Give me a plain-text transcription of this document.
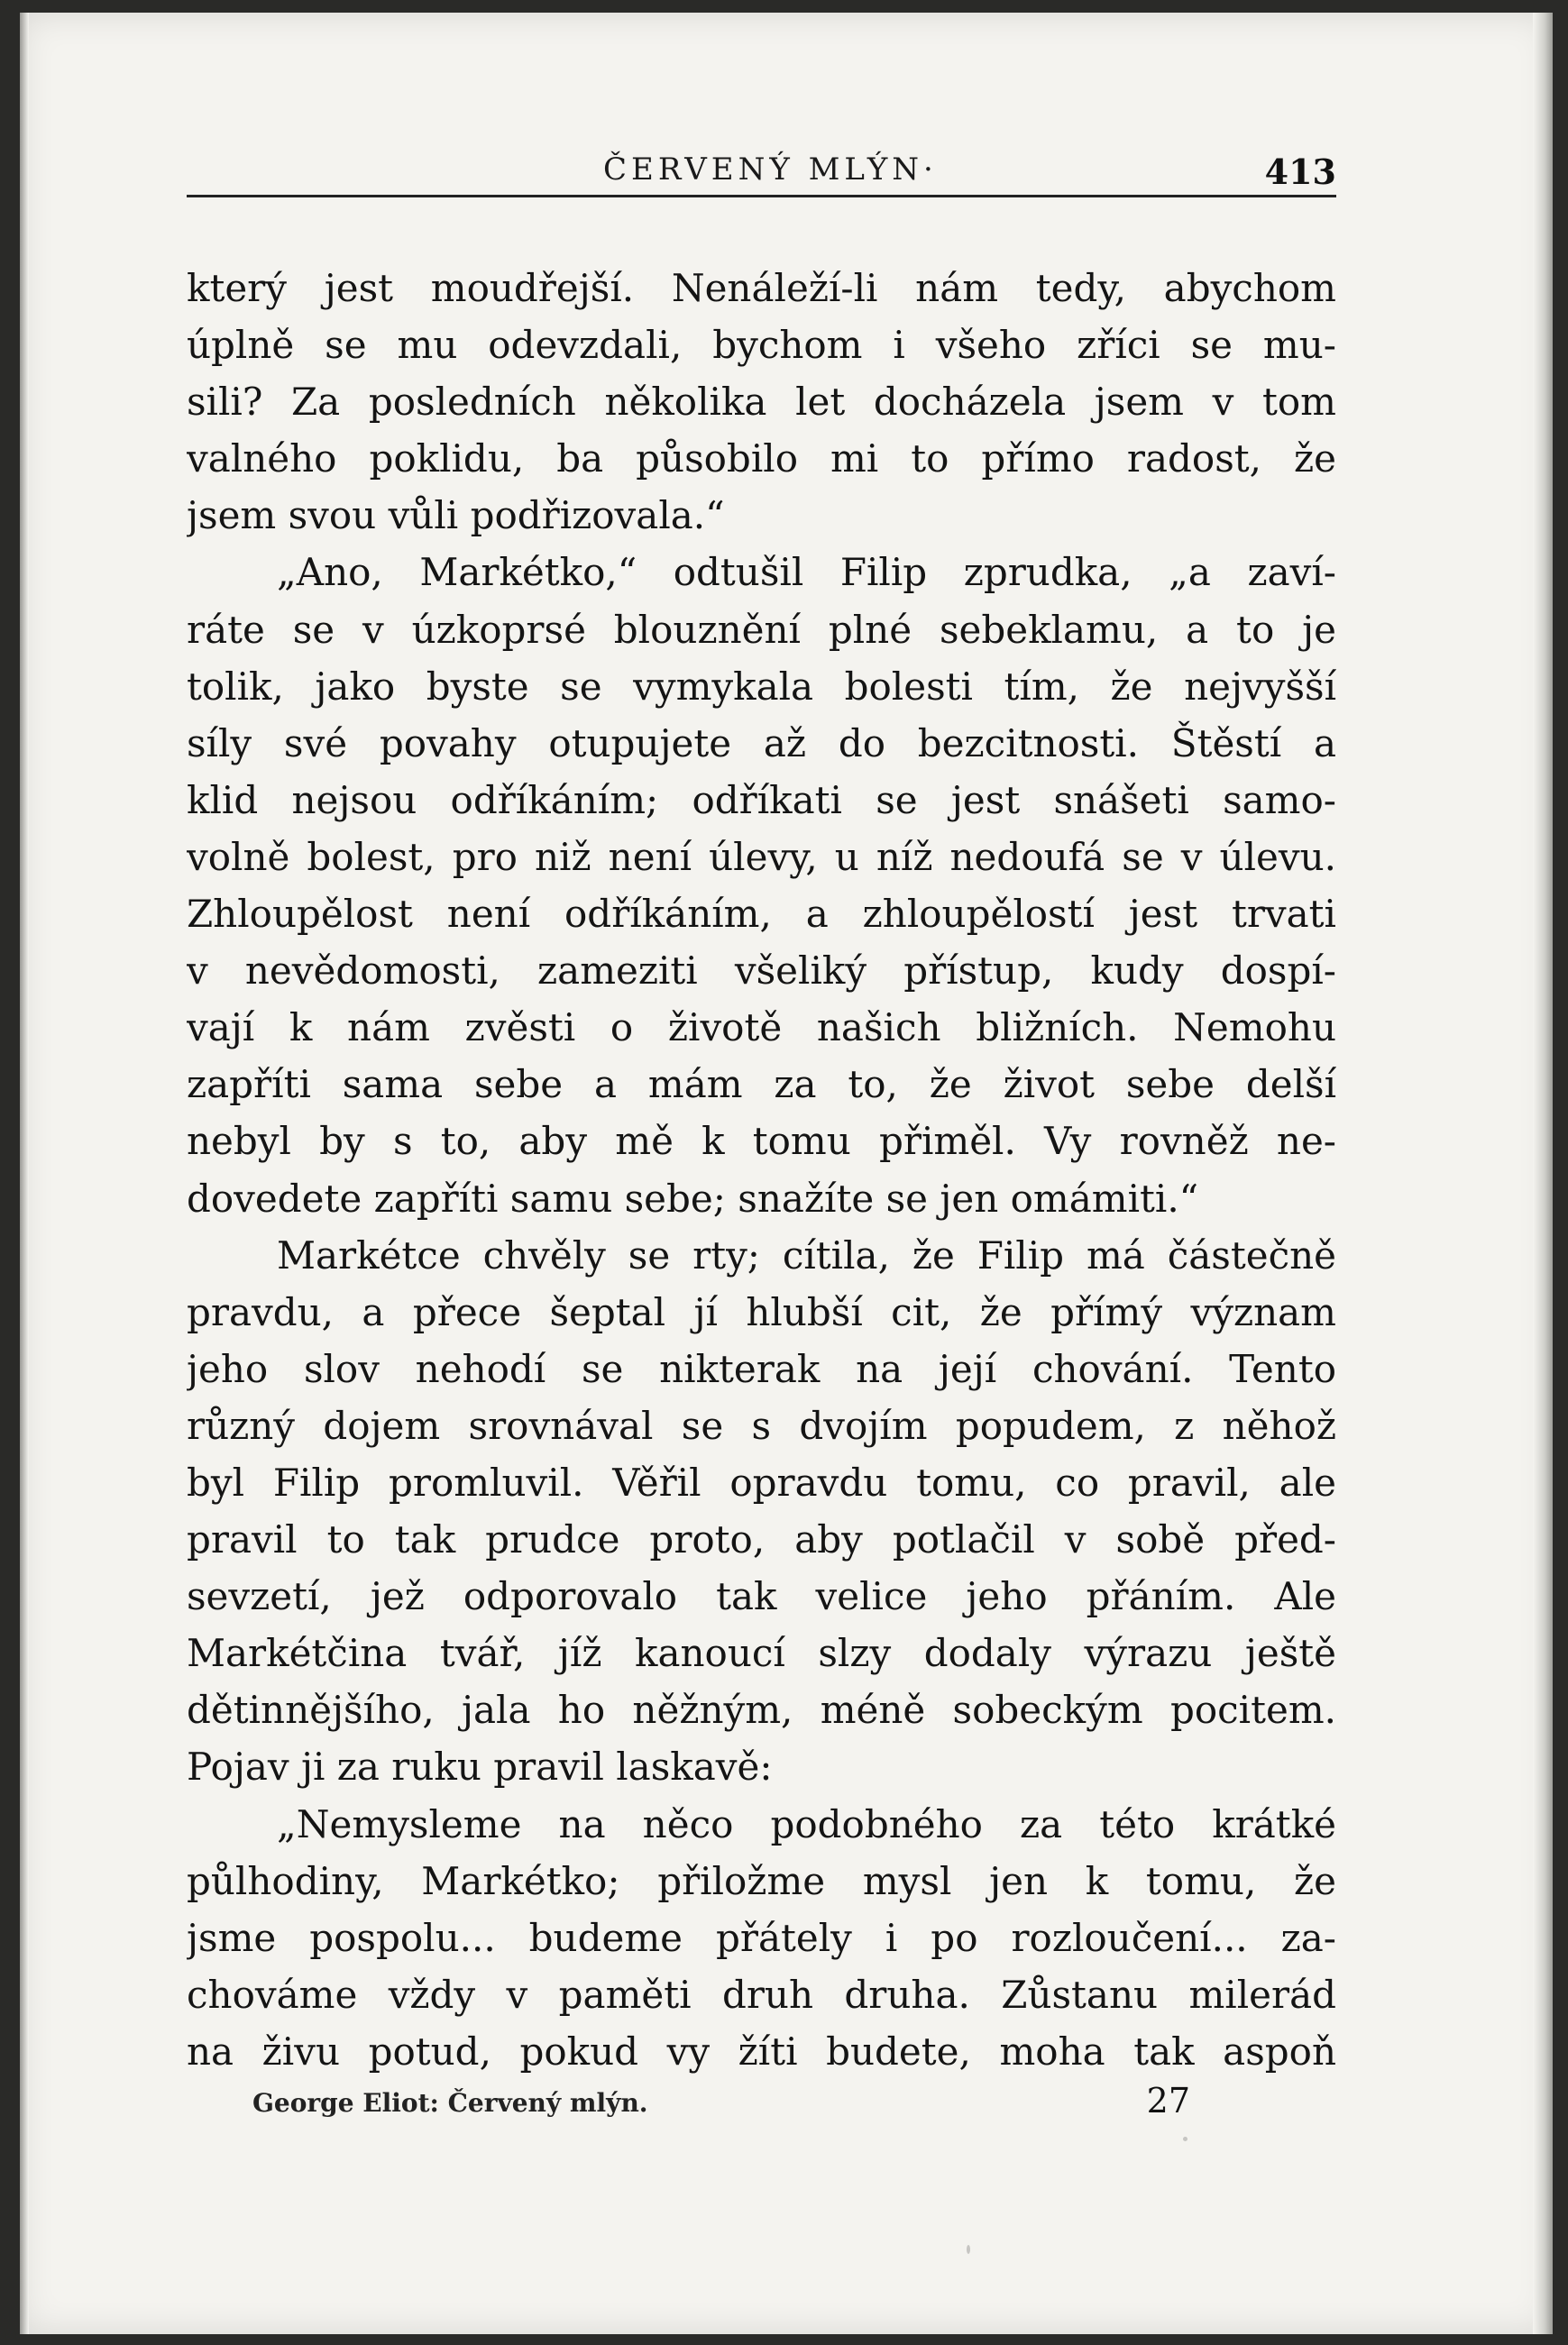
ČERVENÝ MLÝN·	413
který jest moudřejší. Nenáleží-li nám tedy, abychom
úplně se mu odevzdali, bychom i všeho zříci se mu-
sili? Za posledních několika let docházela jsem v tom
valného poklidu, ba působilo mi to přímo radost, že
jsem svou vůli podřizovala.“
„Ano, Markétko,“ odtušil Filip zprudka, „a zaví-
ráte se v úzkoprsé blouznění plné sebeklamu, a to je
tolik, jako byste se vymykala bolesti tím, že nejvyšší
síly své povahy otupujete až do bezcitnosti. Štěstí a
klid nejsou odříkáním; odříkati se jest snášeti samo-
volně bolest, pro niž není úlevy, u níž nedoufá se v úlevu.
Zhloupělost není odříkáním, a zhloupělostí jest trvati
v nevědomosti, zameziti všeliký přístup, kudy dospí-
vají k nám zvěsti o životě našich bližních. Nemohu
zapříti sama sebe a mám za to, že život sebe delší
nebyl by s to, aby mě k tomu přiměl. Vy rovněž ne-
dovedete zapříti samu sebe; snažíte se jen omámiti.“
Markétce chvěly se rty; cítila, že Filip má částečně
pravdu, a přece šeptal jí hlubší cit, že přímý význam
jeho slov nehodí se nikterak na její chování. Tento
různý dojem srovnával se s dvojím popudem, z něhož
byl Filip promluvil. Věřil opravdu tomu, co pravil, ale
pravil to tak prudce proto, aby potlačil v sobě před-
sevzetí, jež odporovalo tak velice jeho přáním. Ale
Markétčina tvář, jíž kanoucí slzy dodaly výrazu ještě
dětinnějšího, jala ho něžným, méně sobeckým pocitem.
Pojav ji za ruku pravil laskavě:
„Nemysleme na něco podobného za této krátké
půlhodiny, Markétko; přiložme mysl jen k tomu, že
jsme pospolu... budeme přátely i po rozloučení... za-
chováme vždy v paměti druh druha. Zůstanu milerád
na živu potud, pokud vy žíti budete, moha tak aspoň
George Eliot: Červený mlýn.	27
